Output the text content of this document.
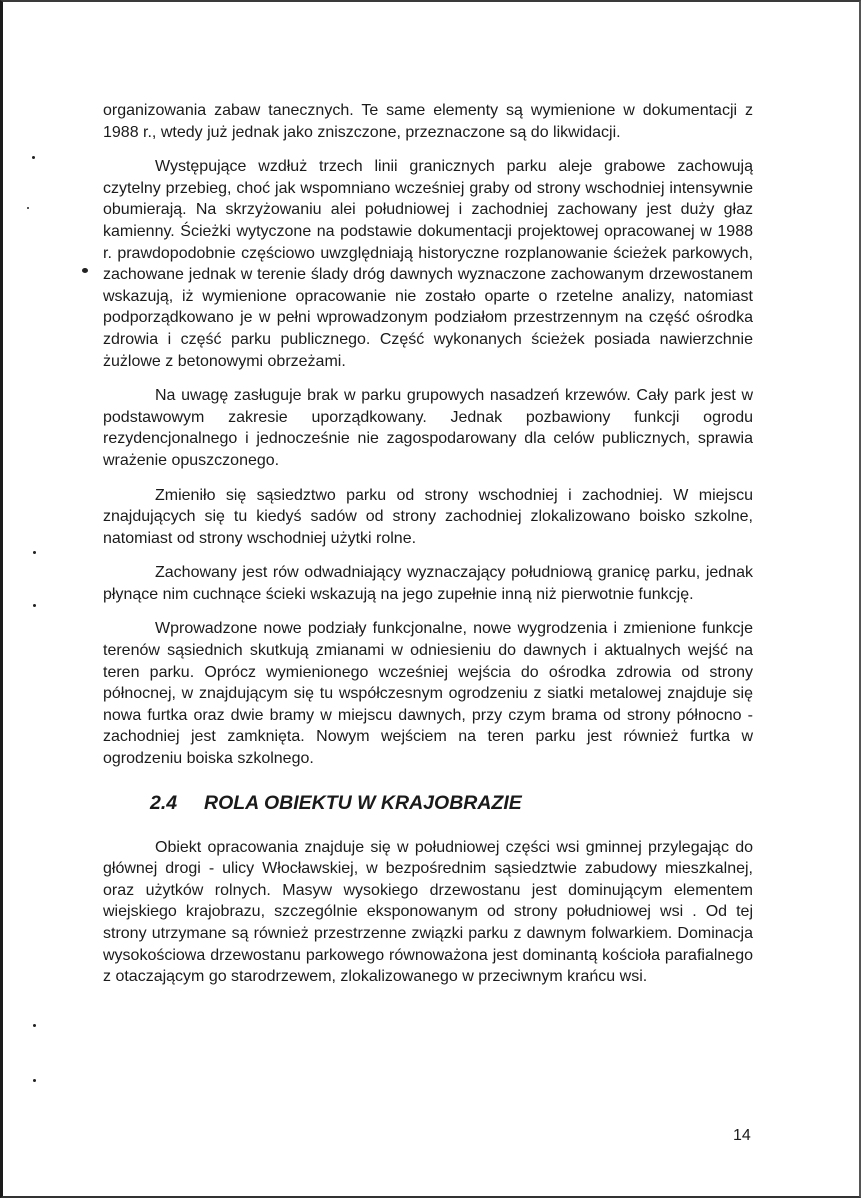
organizowania zabaw tanecznych. Te same elementy są wymienione w dokumentacji z 1988 r., wtedy już jednak jako zniszczone, przeznaczone są do likwidacji.

Występujące wzdłuż trzech linii granicznych parku aleje grabowe zachowują czytelny przebieg, choć jak wspomniano wcześniej graby od strony wschodniej intensywnie obumierają. Na skrzyżowaniu alei południowej i zachodniej zachowany jest duży głaz kamienny. Ścieżki wytyczone na podstawie dokumentacji projektowej opracowanej w 1988 r. prawdopodobnie częściowo uwzględniają historyczne rozplanowanie ścieżek parkowych, zachowane jednak w terenie ślady dróg dawnych wyznaczone zachowanym drzewostanem wskazują, iż wymienione opracowanie nie zostało oparte o rzetelne analizy, natomiast podporządkowano je w pełni wprowadzonym podziałom przestrzennym na część ośrodka zdrowia i część parku publicznego. Część wykonanych ścieżek posiada nawierzchnie żużlowe z betonowymi obrzeżami.

Na uwagę zasługuje brak w parku grupowych nasadzeń krzewów. Cały park jest w podstawowym zakresie uporządkowany. Jednak pozbawiony funkcji ogrodu rezydencjonalnego i jednocześnie nie zagospodarowany dla celów publicznych, sprawia wrażenie opuszczonego.

Zmieniło się sąsiedztwo parku od strony wschodniej i zachodniej. W miejscu znajdujących się tu kiedyś sadów od strony zachodniej zlokalizowano boisko szkolne, natomiast od strony wschodniej użytki rolne.

Zachowany jest rów odwadniający wyznaczający południową granicę parku, jednak płynące nim cuchnące ścieki wskazują na jego zupełnie inną niż pierwotnie funkcję.

Wprowadzone nowe podziały funkcjonalne, nowe wygrodzenia i zmienione funkcje terenów sąsiednich skutkują zmianami w odniesieniu do dawnych i aktualnych wejść na teren parku. Oprócz wymienionego wcześniej wejścia do ośrodka zdrowia od strony północnej, w znajdującym się tu współczesnym ogrodzeniu z siatki metalowej znajduje się nowa furtka oraz dwie bramy w miejscu dawnych, przy czym brama od strony północno - zachodniej jest zamknięta. Nowym wejściem na teren parku jest również furtka w ogrodzeniu boiska szkolnego.

2.4	ROLA OBIEKTU W KRAJOBRAZIE

Obiekt opracowania znajduje się w południowej części wsi gminnej przylegając do głównej drogi - ulicy Włocławskiej, w bezpośrednim sąsiedztwie zabudowy mieszkalnej, oraz użytków rolnych. Masyw wysokiego drzewostanu jest dominującym elementem wiejskiego krajobrazu, szczególnie eksponowanym od strony południowej wsi . Od tej strony utrzymane są również przestrzenne związki parku z dawnym folwarkiem. Dominacja wysokościowa drzewostanu parkowego równoważona jest dominantą kościoła parafialnego z otaczającym go starodrzewem, zlokalizowanego w przeciwnym krańcu wsi.

14
